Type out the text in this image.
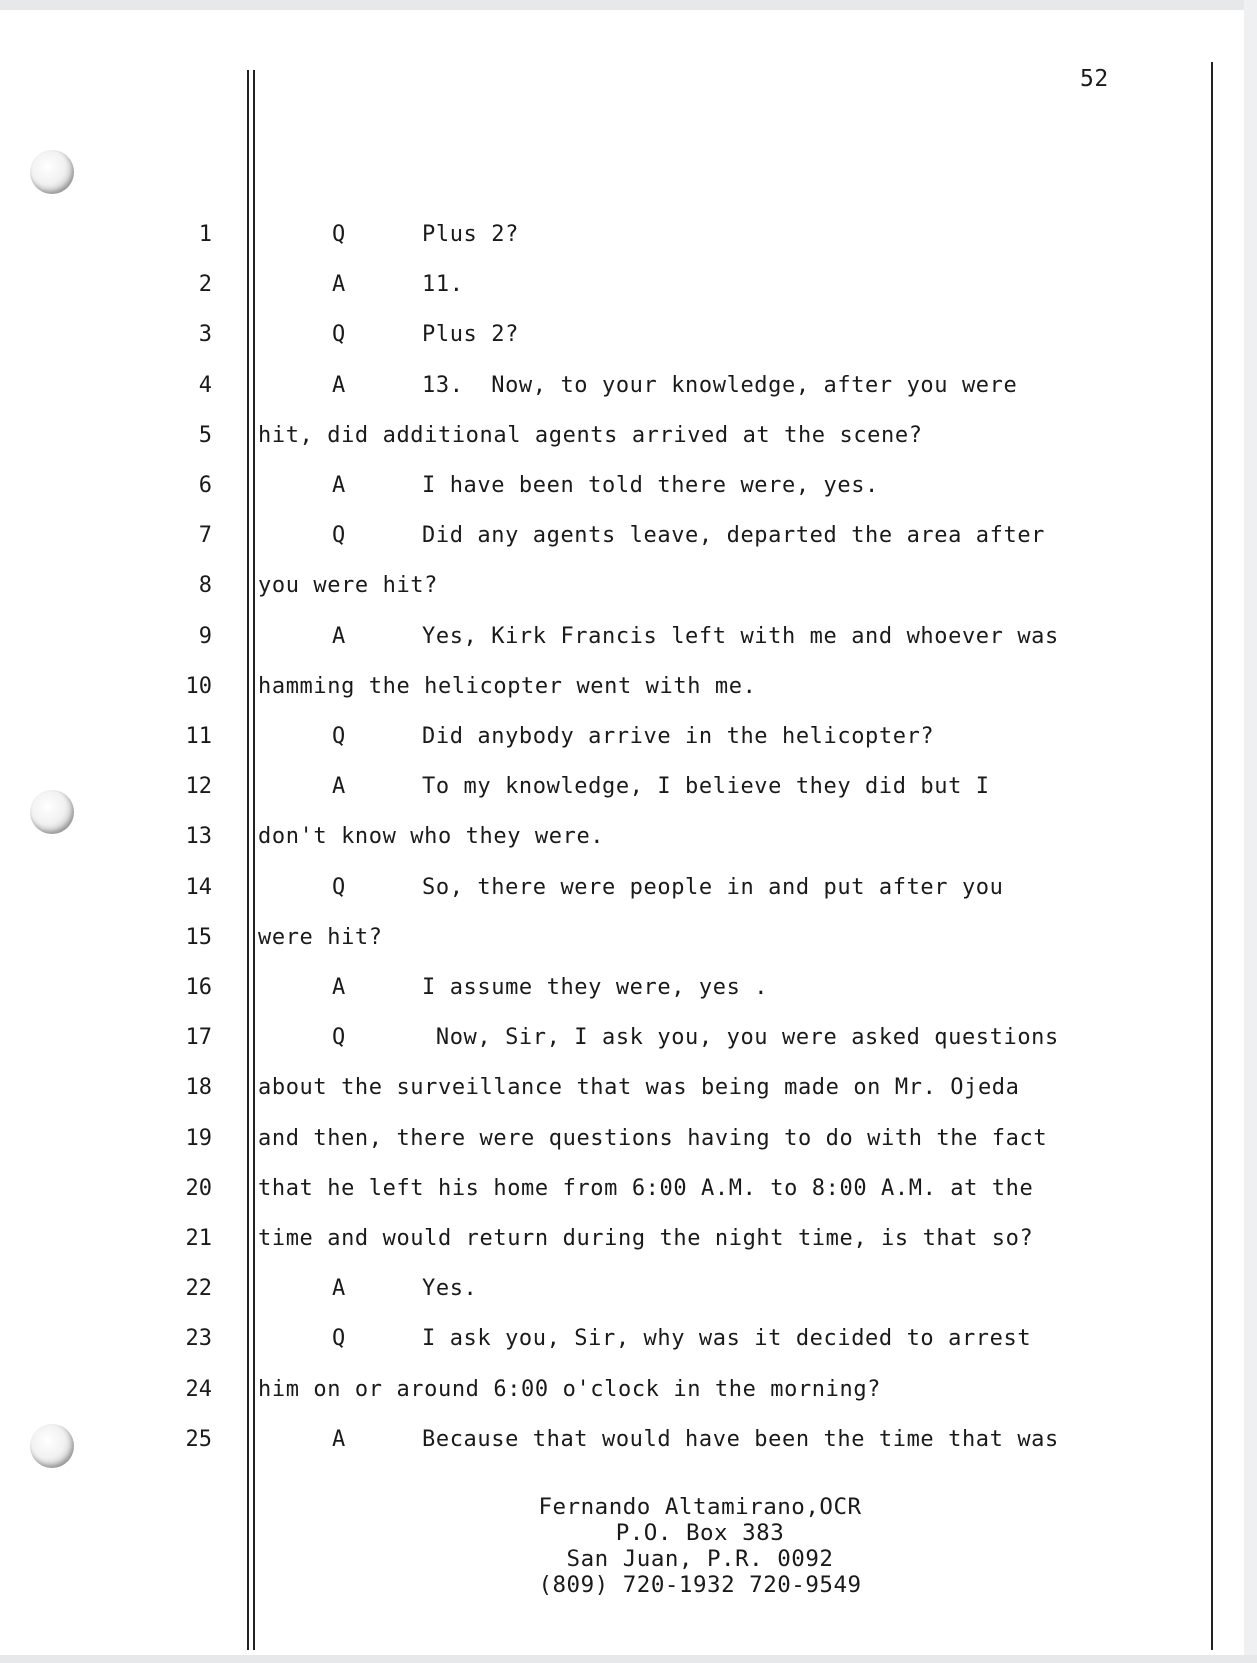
52
1	Q	Plus 2?
2	A	11.
3	Q	Plus 2?
4	A	13.  Now, to your knowledge, after you were
5 hit, did additional agents arrived at the scene?
6	A	I have been told there were, yes.
7	Q	Did any agents leave, departed the area after
8 you were hit?
9	A	Yes, Kirk Francis left with me and whoever was
10 hamming the helicopter went with me.
11	Q	Did anybody arrive in the helicopter?
12	A	To my knowledge, I believe they did but I
13 don't know who they were.
14	Q	So, there were people in and put after you
15 were hit?
16	A	I assume they were, yes .
17	Q	Now, Sir, I ask you, you were asked questions
18 about the surveillance that was being made on Mr. Ojeda
19 and then, there were questions having to do with the fact
20 that he left his home from 6:00 A.M. to 8:00 A.M. at the
21 time and would return during the night time, is that so?
22	A	Yes.
23	Q	I ask you, Sir, why was it decided to arrest
24 him on or around 6:00 o'clock in the morning?
25	A	Because that would have been the time that was
Fernando Altamirano,OCR
P.O. Box 383
San Juan, P.R. 0092
(809) 720-1932 720-9549
